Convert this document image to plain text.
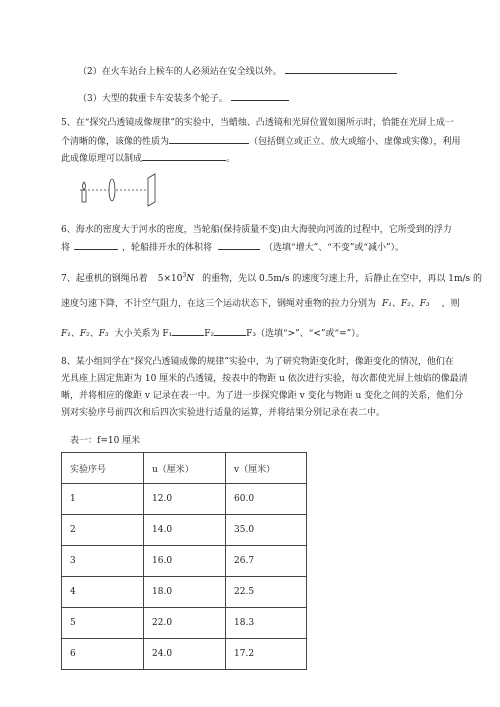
（2）在火车站台上候车的人必须站在安全线以外。
（3）大型的载重卡车安装多个轮子。
5、在“探究凸透镜成像规律”的实验中，当蜡烛、凸透镜和光屏位置如图所示时，恰能在光屏上成一
个清晰的像，该像的性质为	（包括倒立或正立、放大或缩小、虚像或实像），利用
此成像原理可以制成	。
6、海水的密度大于河水的密度，当轮船(保持质量不变)由大海驶向河流的过程中，它所受到的浮力
将	，轮船排开水的体积将	（选填“增大”、“不变”或“减小”）。
7、起重机的钢绳吊着 $5\times 10^3N$ 的重物，先以 0.5m/s 的速度匀速上升，后静止在空中，再以 1m/s 的
速度匀速下降，不计空气阻力，在这三个运动状态下，钢绳对重物的拉力分别为 F₁、F₂、F₃ ，则
F₁、F₂、F₃ 大小关系为 F₁	F₂	F₃（选填“>”、“<”或“=”）。
8、某小组同学在“探究凸透镜成像的规律”实验中，为了研究物距变化时，像距变化的情况，他们在
光具座上固定焦距为 10 厘米的凸透镜，按表中的物距 u 依次进行实验，每次都使光屏上烛焰的像最清
晰，并将相应的像距 v 记录在表一中。为了进一步探究像距 v 变化与物距 u 变化之间的关系，他们分
别对实验序号前四次和后四次实验进行适量的运算，并将结果分别记录在表二中。
表一：f=10 厘米
实验序号	u（厘米）	v（厘米）
1	12.0	60.0
2	14.0	35.0
3	16.0	26.7
4	18.0	22.5
5	22.0	18.3
6	24.0	17.2
